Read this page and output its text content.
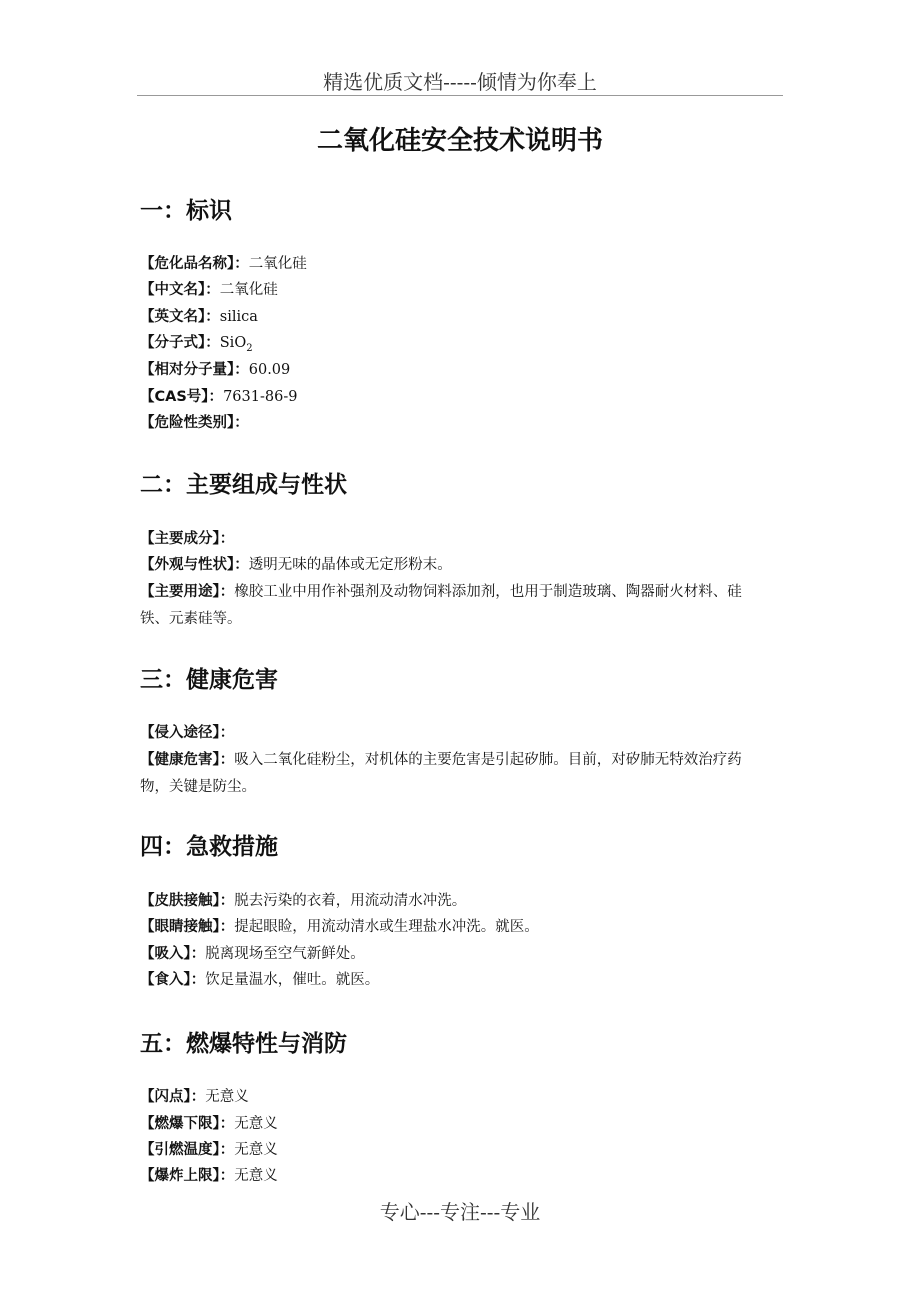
精选优质文档-----倾情为你奉上
二氧化硅安全技术说明书
一：标识
【危化品名称】：二氧化硅
【中文名】：二氧化硅
【英文名】：silica
【分子式】：SiO$_2$
【相对分子量】：60.09
【CAS号】：7631-86-9
【危险性类别】：
二：主要组成与性状
【主要成分】：
【外观与性状】：透明无味的晶体或无定形粉末。
【主要用途】：橡胶工业中用作补强剂及动物饲料添加剂，也用于制造玻璃、陶器耐火材料、硅铁、元素硅等。
三：健康危害
【侵入途径】：
【健康危害】：吸入二氧化硅粉尘，对机体的主要危害是引起矽肺。目前，对矽肺无特效治疗药物，关键是防尘。
四：急救措施
【皮肤接触】：脱去污染的衣着，用流动清水冲洗。
【眼睛接触】：提起眼睑，用流动清水或生理盐水冲洗。就医。
【吸入】：脱离现场至空气新鲜处。
【食入】：饮足量温水，催吐。就医。
五：燃爆特性与消防
【闪点】：无意义
【燃爆下限】：无意义
【引燃温度】：无意义
【爆炸上限】：无意义
专心---专注---专业
